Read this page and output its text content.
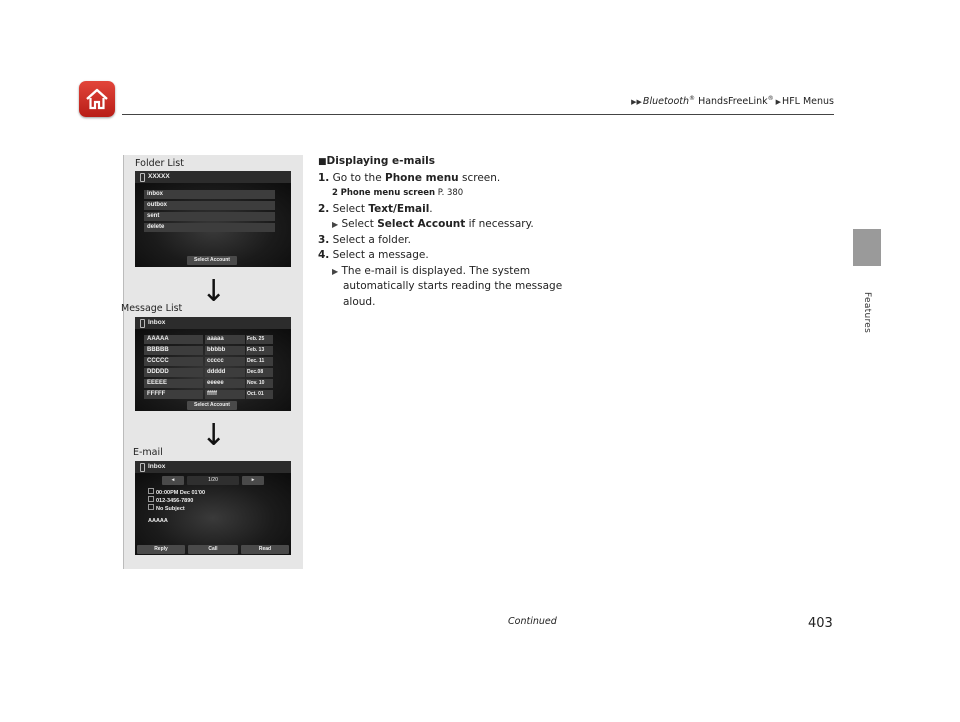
▶▶Bluetooth® HandsFreeLink® ▶HFL Menus
Features
Folder List
XXXXX
inbox
outbox
sent
delete
Select Account
↓
Message List
Inbox
AAAAA	aaaaa	Feb. 25
BBBBB	bbbbb	Feb. 13
CCCCC	ccccc	Dec. 11
DDDDD	ddddd	Dec.08
EEEEE	eeeee	Nov. 10
FFFFF	fffff	Oct. 01
Select Account
↓
E-mail
Inbox
◂	1/20	▸
00:00PM Dec 01'00
012-3456-7890
No Subject
AAAAA
Reply	Call	Read
■Displaying e-mails
1. Go to the Phone menu screen.
2 Phone menu screen P. 380
2. Select Text/Email.
▶ Select Select Account if necessary.
3. Select a folder.
4. Select a message.
▶ The e-mail is displayed. The system
automatically starts reading the message
aloud.
Continued	403
